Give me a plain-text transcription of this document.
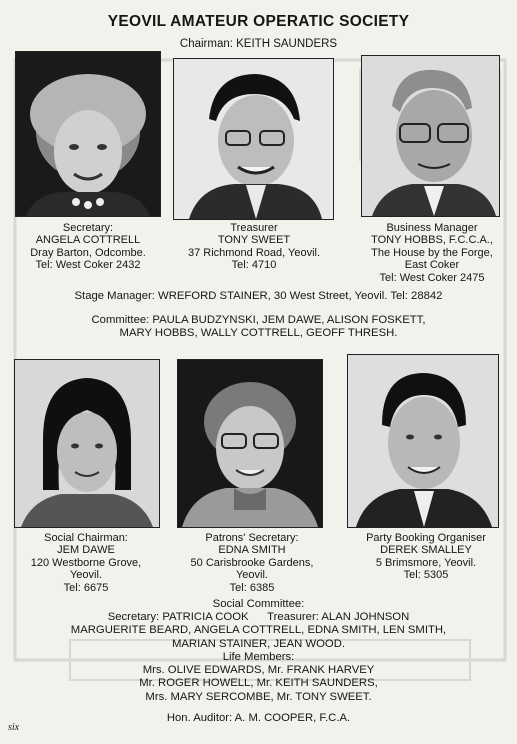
YEOVIL AMATEUR OPERATIC SOCIETY
Chairman: KEITH SAUNDERS
Secretary:
ANGELA COTTRELL
Dray Barton, Odcombe.
Tel: West Coker 2432
Treasurer
TONY SWEET
37 Richmond Road, Yeovil.
Tel: 4710
Business Manager
TONY HOBBS, F.C.C.A.,
The House by the Forge,
East Coker
Tel: West Coker 2475
Stage Manager: WREFORD STAINER, 30 West Street, Yeovil. Tel: 28842
Committee: PAULA BUDZYNSKI, JEM DAWE, ALISON FOSKETT,
MARY HOBBS, WALLY COTTRELL, GEOFF THRESH.
Social Chairman:
JEM DAWE
120 Westborne Grove,
Yeovil.
Tel: 6675
Patrons' Secretary:
EDNA SMITH
50 Carisbrooke Gardens,
Yeovil.
Tel: 6385
Party Booking Organiser
DEREK SMALLEY
5 Brimsmore, Yeovil.
Tel: 5305
Social Committee:
Secretary: PATRICIA COOK      Treasurer: ALAN JOHNSON
MARGUERITE BEARD, ANGELA COTTRELL, EDNA SMITH, LEN SMITH,
MARIAN STAINER, JEAN WOOD.
Life Members:
Mrs. OLIVE EDWARDS, Mr. FRANK HARVEY
Mr. ROGER HOWELL, Mr. KEITH SAUNDERS,
Mrs. MARY SERCOMBE, Mr. TONY SWEET.
Hon. Auditor: A. M. COOPER, F.C.A.
six
